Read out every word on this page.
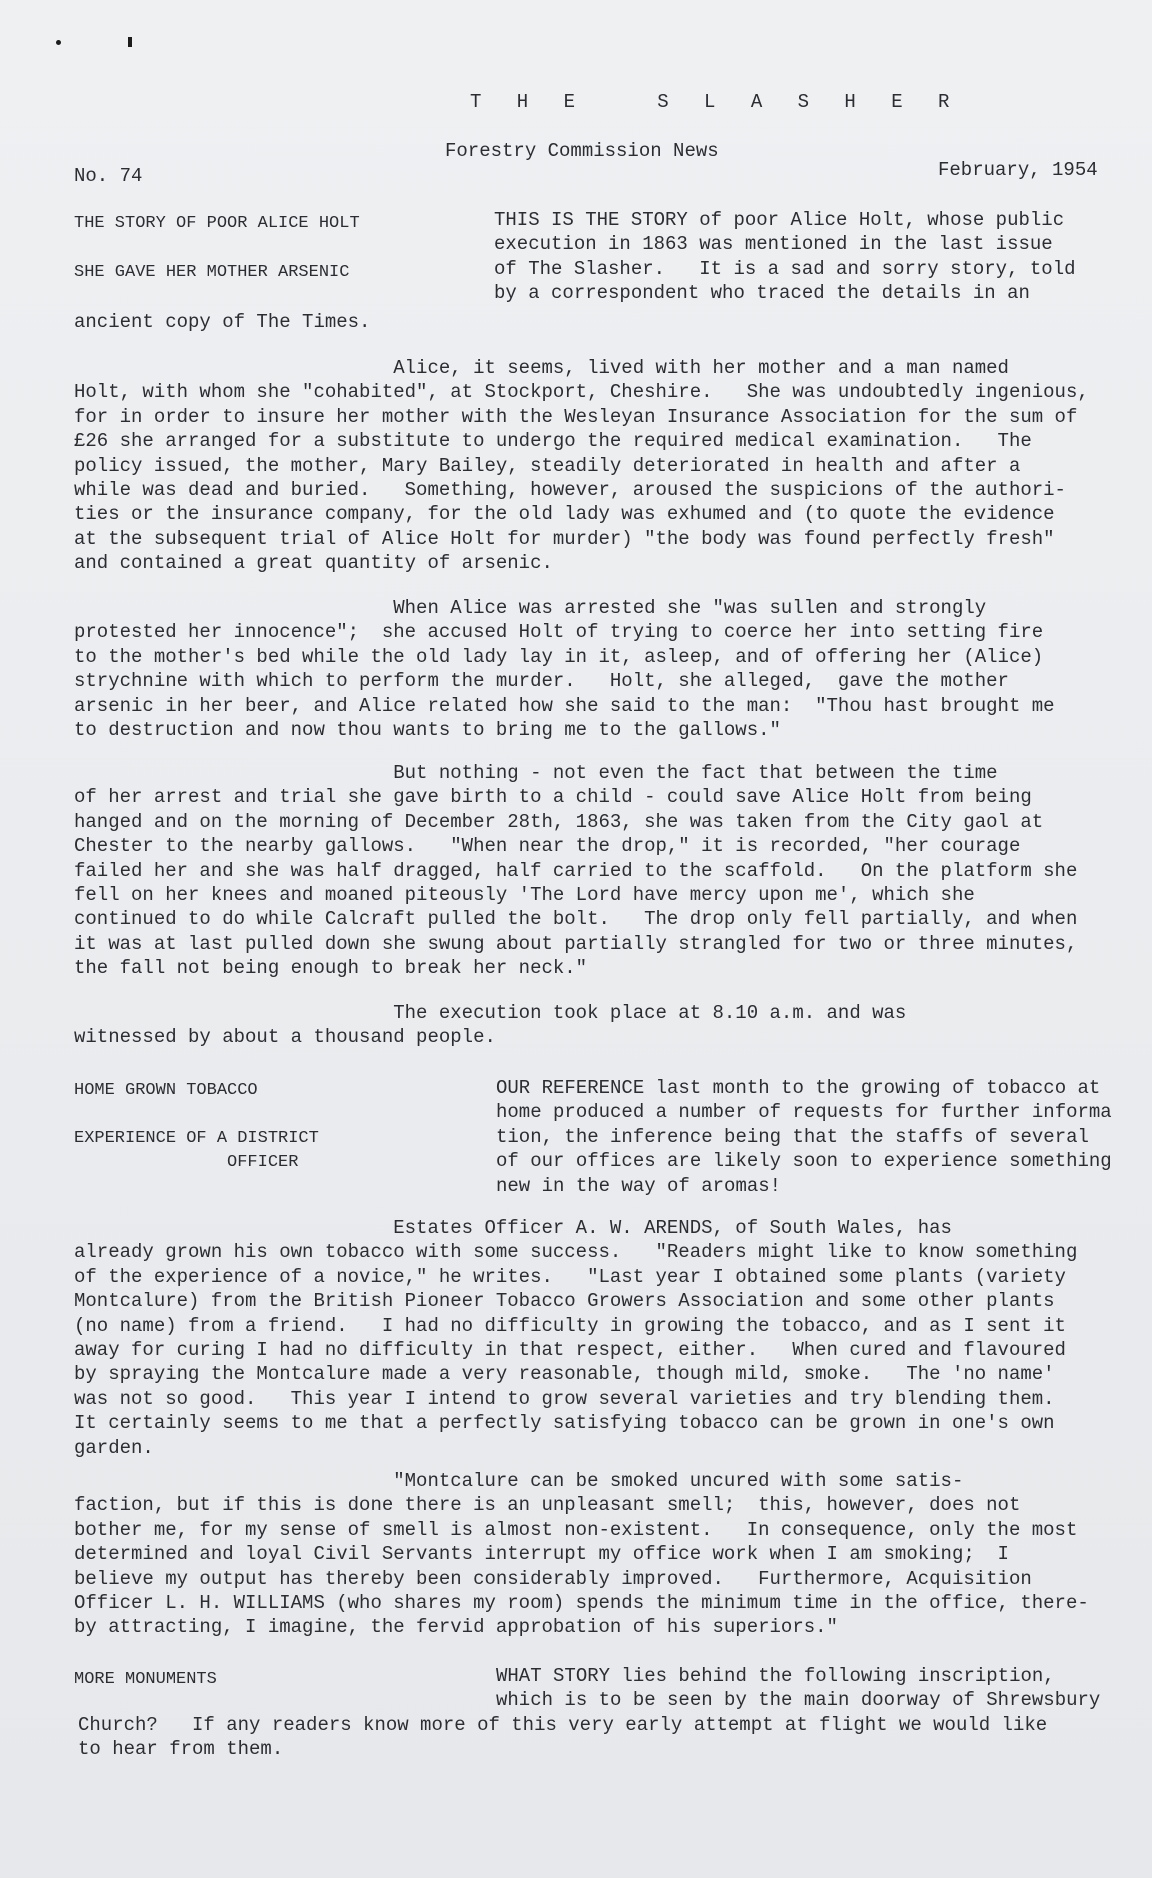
T H E   S L A S H E R

Forestry Commission News

No. 74	February, 1954

THE STORY OF POOR ALICE HOLT

SHE GAVE HER MOTHER ARSENIC

THIS IS THE STORY of poor Alice Holt, whose public
execution in 1863 was mentioned in the last issue
of The Slasher.   It is a sad and sorry story, told
by a correspondent who traced the details in an

ancient copy of The Times.

Alice, it seems, lived with her mother and a man named
Holt, with whom she "cohabited", at Stockport, Cheshire.   She was undoubtedly ingenious,
for in order to insure her mother with the Wesleyan Insurance Association for the sum of
£26 she arranged for a substitute to undergo the required medical examination.   The
policy issued, the mother, Mary Bailey, steadily deteriorated in health and after a
while was dead and buried.   Something, however, aroused the suspicions of the authori-
ties or the insurance company, for the old lady was exhumed and (to quote the evidence
at the subsequent trial of Alice Holt for murder) "the body was found perfectly fresh"
and contained a great quantity of arsenic.

When Alice was arrested she "was sullen and strongly
protested her innocence";  she accused Holt of trying to coerce her into setting fire
to the mother's bed while the old lady lay in it, asleep, and of offering her (Alice)
strychnine with which to perform the murder.   Holt, she alleged,  gave the mother
arsenic in her beer, and Alice related how she said to the man:  "Thou hast brought me
to destruction and now thou wants to bring me to the gallows."

But nothing - not even the fact that between the time
of her arrest and trial she gave birth to a child - could save Alice Holt from being
hanged and on the morning of December 28th, 1863, she was taken from the City gaol at
Chester to the nearby gallows.   "When near the drop," it is recorded, "her courage
failed her and she was half dragged, half carried to the scaffold.   On the platform she
fell on her knees and moaned piteously 'The Lord have mercy upon me', which she
continued to do while Calcraft pulled the bolt.   The drop only fell partially, and when
it was at last pulled down she swung about partially strangled for two or three minutes,
the fall not being enough to break her neck."

The execution took place at 8.10 a.m. and was
witnessed by about a thousand people.

HOME GROWN TOBACCO

EXPERIENCE OF A DISTRICT
OFFICER

OUR REFERENCE last month to the growing of tobacco at
home produced a number of requests for further informa
tion, the inference being that the staffs of several
of our offices are likely soon to experience something
new in the way of aromas!

Estates Officer A. W. ARENDS, of South Wales, has
already grown his own tobacco with some success.   "Readers might like to know something
of the experience of a novice," he writes.   "Last year I obtained some plants (variety
Montcalure) from the British Pioneer Tobacco Growers Association and some other plants
(no name) from a friend.   I had no difficulty in growing the tobacco, and as I sent it
away for curing I had no difficulty in that respect, either.   When cured and flavoured
by spraying the Montcalure made a very reasonable, though mild, smoke.   The 'no name'
was not so good.   This year I intend to grow several varieties and try blending them.
It certainly seems to me that a perfectly satisfying tobacco can be grown in one's own
garden.

"Montcalure can be smoked uncured with some satis-
faction, but if this is done there is an unpleasant smell;  this, however, does not
bother me, for my sense of smell is almost non-existent.   In consequence, only the most
determined and loyal Civil Servants interrupt my office work when I am smoking;  I
believe my output has thereby been considerably improved.   Furthermore, Acquisition
Officer L. H. WILLIAMS (who shares my room) spends the minimum time in the office, there-
by attracting, I imagine, the fervid approbation of his superiors."

MORE MONUMENTS	WHAT STORY lies behind the following inscription,
which is to be seen by the main doorway of Shrewsbury

Church?   If any readers know more of this very early attempt at flight we would like
to hear from them.
